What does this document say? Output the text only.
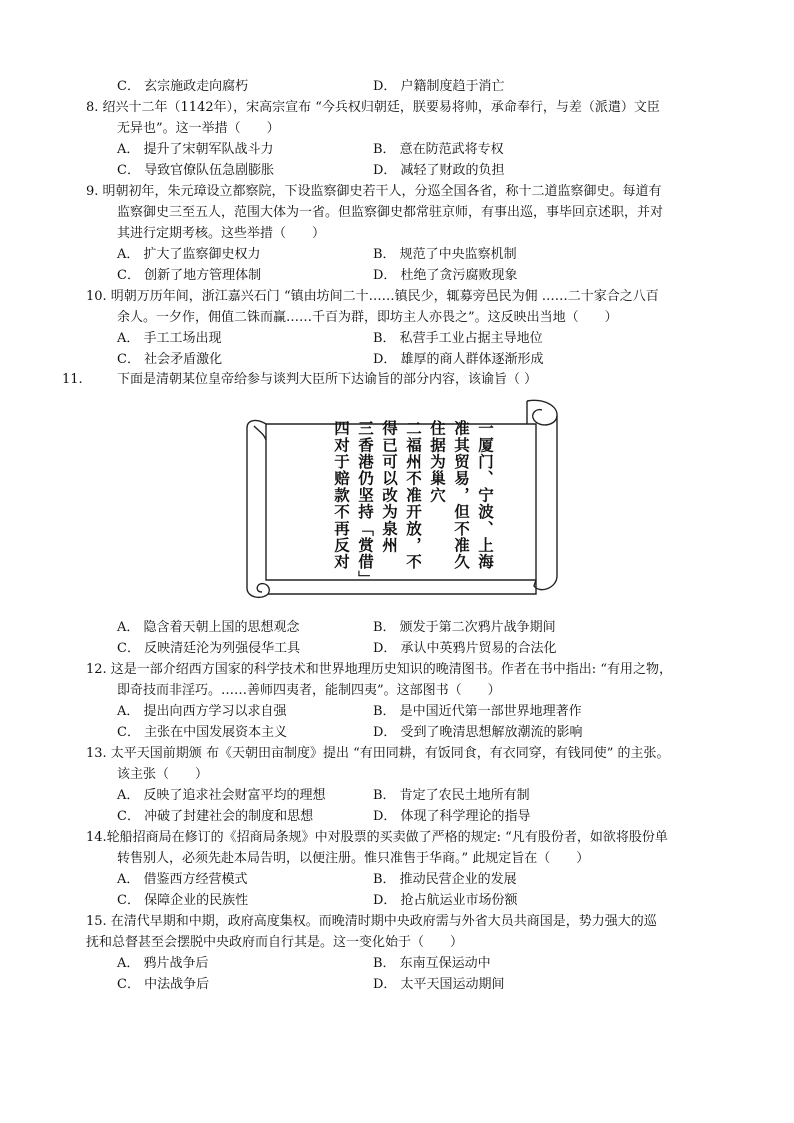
C． 玄宗施政走向腐朽	D． 户籍制度趋于消亡
8. 绍兴十二年（1142年），宋高宗宣布 “今兵权归朝廷，朕要易将帅，承命奉行，与差（派遣）文臣
无异也”。这一举措（　　）
A． 提升了宋朝军队战斗力	B． 意在防范武将专权
C． 导致官僚队伍急剧膨胀	D． 减轻了财政的负担
9. 明朝初年，朱元璋设立都察院，下设监察御史若干人，分巡全国各省，称十二道监察御史。每道有
监察御史三至五人，范围大体为一省。但监察御史都常驻京师，有事出巡，事毕回京述职，并对
其进行定期考核。这些举措（　　）
A． 扩大了监察御史权力	B． 规范了中央监察机制
C． 创新了地方管理体制	D． 杜绝了贪污腐败现象
10. 明朝万历年间，浙江嘉兴石门 “镇由坊间二十……镇民少，辄募旁邑民为佣 ……二十家合之八百
余人。一夕作，佣值二铢而赢……千百为群，即坊主人亦畏之”。这反映出当地（　　）
A． 手工工场出现	B． 私营手工业占据主导地位
C． 社会矛盾激化	D． 雄厚的商人群体逐渐形成
11.	下面是清朝某位皇帝给参与谈判大臣所下达谕旨的部分内容，该谕旨（ ）
一厦门、宁波、上海
准其贸易，但不准久
住据为巢穴
二福州不准开放，不
得已可以改为泉州
三香港仍坚持「赏借」
四对于赔款不再反对
A． 隐含着天朝上国的思想观念	B． 颁发于第二次鸦片战争期间
C． 反映清廷沦为列强侵华工具	D． 承认中英鸦片贸易的合法化
12. 这是一部介绍西方国家的科学技术和世界地理历史知识的晚清图书。作者在书中指出: “有用之物，
即奇技而非淫巧。……善师四夷者，能制四夷”。这部图书（　　）
A． 提出向西方学习以求自强	B． 是中国近代第一部世界地理著作
C． 主张在中国发展资本主义	D． 受到了晚清思想解放潮流的影响
13. 太平天国前期颁 布《天朝田亩制度》提出 “有田同耕，有饭同食，有衣同穿，有钱同使” 的主张。
该主张（　　）
A． 反映了追求社会财富平均的理想	B． 肯定了农民土地所有制
C． 冲破了封建社会的制度和思想	D． 体现了科学理论的指导
14.轮船招商局在修订的《招商局条规》中对股票的买卖做了严格的规定: “凡有股份者，如欲将股份单
转售别人，必须先赴本局告明，以便注册。惟只准售于华商。” 此规定旨在（　　）
A． 借鉴西方经营模式	B． 推动民营企业的发展
C． 保障企业的民族性	D． 抢占航运业市场份额
15. 在清代早期和中期，政府高度集权。而晚清时期中央政府需与外省大员共商国是，势力强大的巡
抚和总督甚至会摆脱中央政府而自行其是。这一变化始于（　　）
A． 鸦片战争后	B． 东南互保运动中
C． 中法战争后	D． 太平天国运动期间
